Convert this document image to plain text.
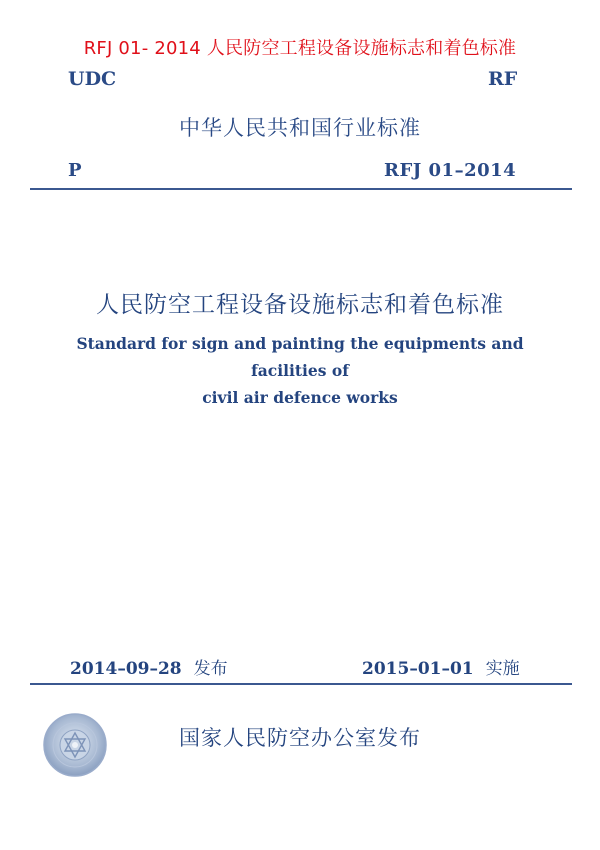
RFJ 01- 2014 人民防空工程设备设施标志和着色标准
UDC	RF
中华人民共和国行业标准
P	RFJ 01–2014
人民防空工程设备设施标志和着色标准
Standard for sign and painting the equipments and facilities of
civil air defence works
2014–09–28 发布	2015–01–01 实施
国家人民防空办公室发布
